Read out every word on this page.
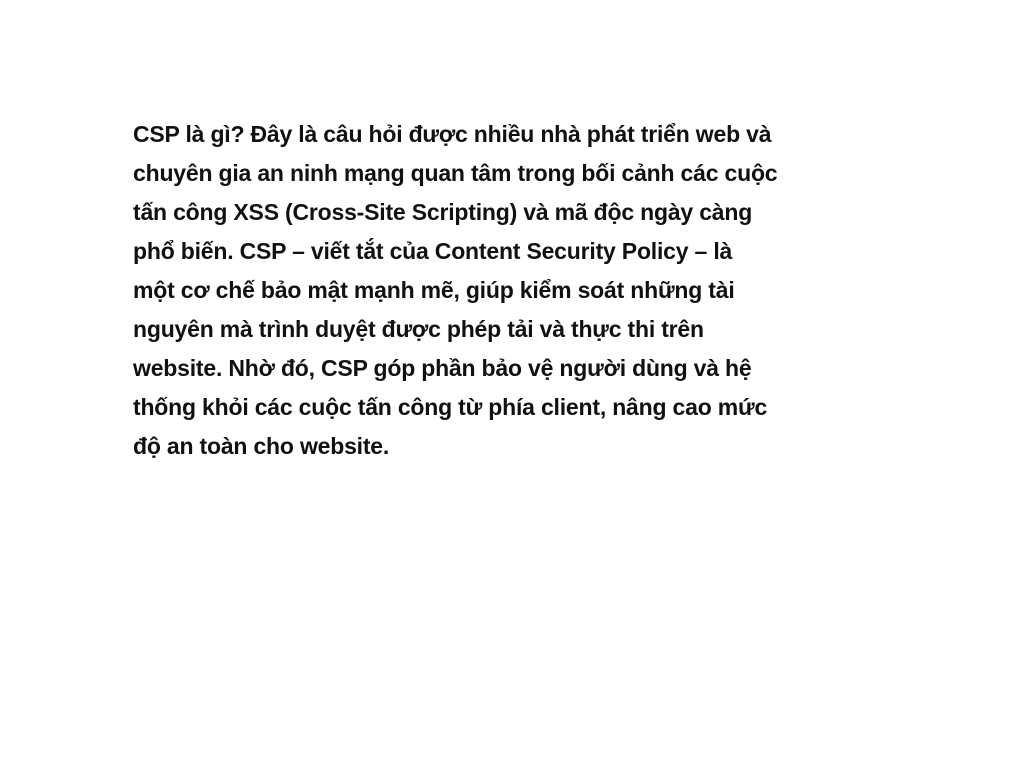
CSP là gì? Đây là câu hỏi được nhiều nhà phát triển web và
chuyên gia an ninh mạng quan tâm trong bối cảnh các cuộc
tấn công XSS (Cross-Site Scripting) và mã độc ngày càng
phổ biến. CSP – viết tắt của Content Security Policy – là
một cơ chế bảo mật mạnh mẽ, giúp kiểm soát những tài
nguyên mà trình duyệt được phép tải và thực thi trên
website. Nhờ đó, CSP góp phần bảo vệ người dùng và hệ
thống khỏi các cuộc tấn công từ phía client, nâng cao mức
độ an toàn cho website.
